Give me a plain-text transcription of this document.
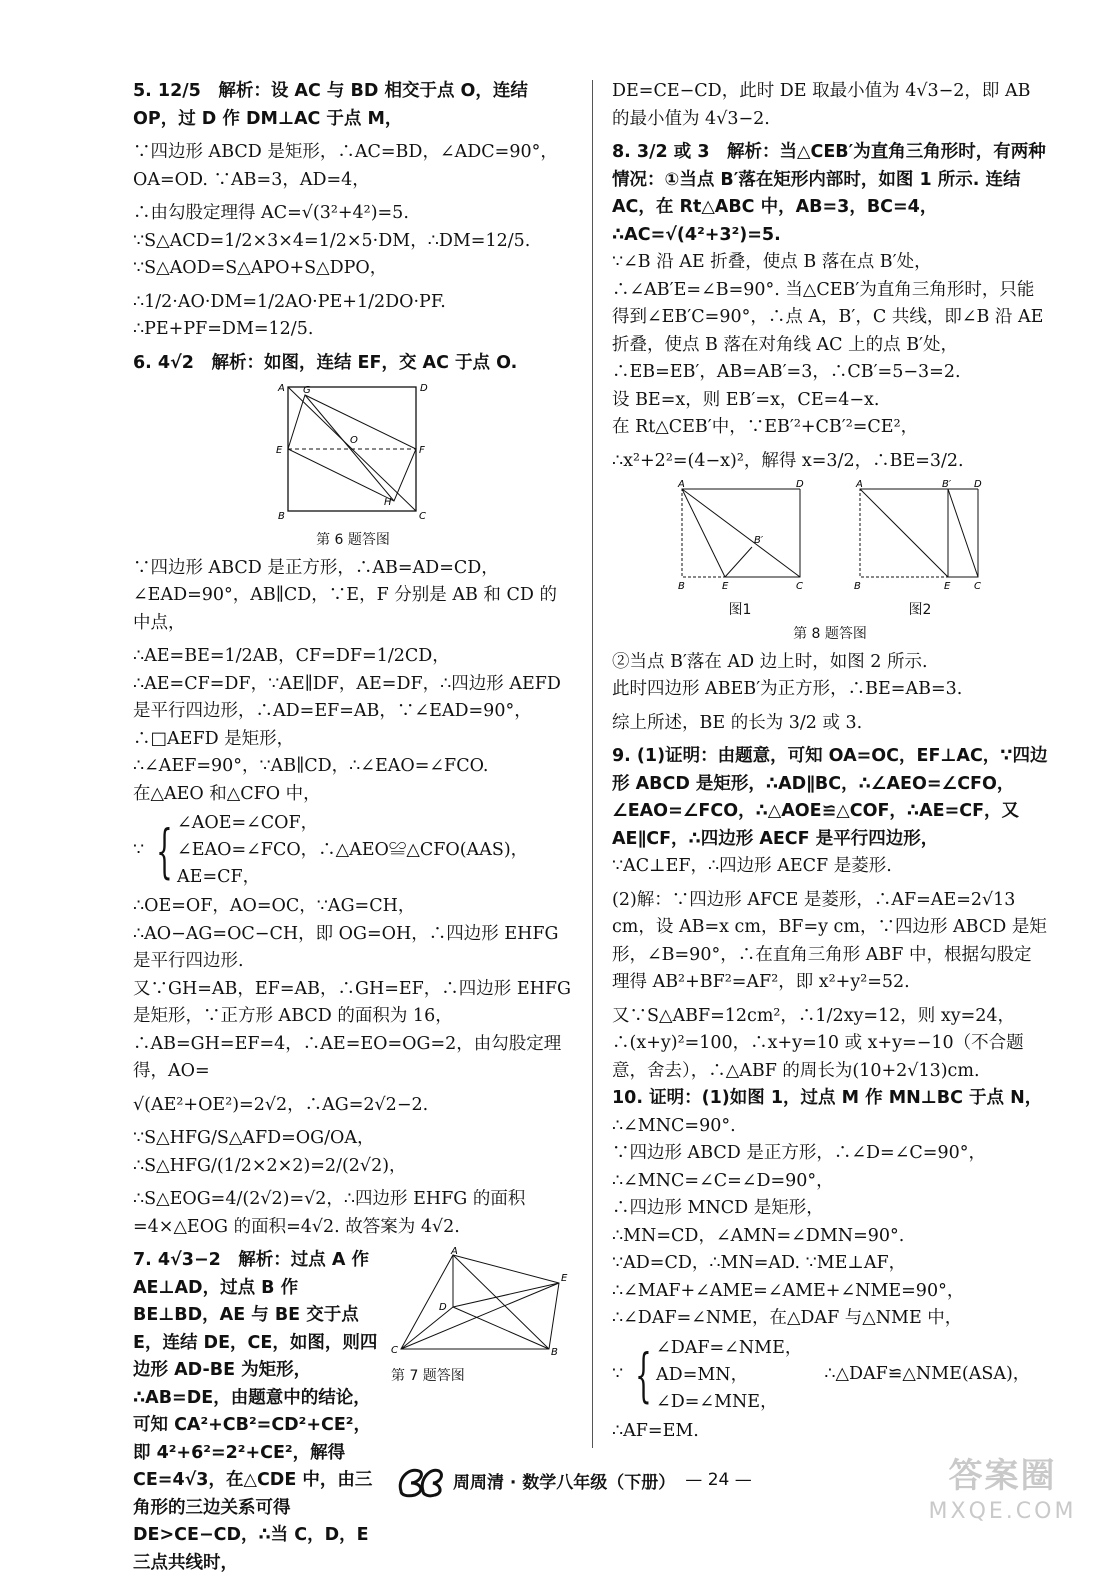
5. 12/5　解析：设 AC 与 BD 相交于点 O，连结 OP，过 D 作 DM⊥AC 于点 M，

∵四边形 ABCD 是矩形，∴AC=BD，∠ADC=90°，OA=OD. ∵AB=3，AD=4，

∴由勾股定理得 AC=√(3²+4²)=5. ∵S△ACD=1/2×3×4=1/2×5·DM，∴DM=12/5. ∵S△AOD=S△APO+S△DPO，

∴1/2·AO·DM=1/2AO·PE+1/2DO·PF. ∴PE+PF=DM=12/5.

6. 4√2　解析：如图，连结 EF，交 AC 于点 O.

A G	D
E
O
F
B
H
C
第 6 题答图

∵四边形 ABCD 是正方形，∴AB=AD=CD，∠EAD=90°，AB∥CD，∵E，F 分别是 AB 和 CD 的中点，

∴AE=BE=1/2AB，CF=DF=1/2CD，∴AE=CF=DF，∵AE∥DF，AE=DF，∴四边形 AEFD 是平行四边形，∴AD=EF=AB，∵∠EAD=90°，∴□AEFD 是矩形，

∴∠AEF=90°，∵AB∥CD，∴∠EAO=∠FCO.

在△AEO 和△CFO 中，

∵ { ∠AOE=∠COF，

∠EAO=∠FCO，∴△AEO≌△CFO(AAS)，

AE=CF，

∴OE=OF，AO=OC，∵AG=CH，∴AO−AG=OC−CH，即 OG=OH，∴四边形 EHFG 是平行四边形.

又∵GH=AB，EF=AB，∴GH=EF，∴四边形 EHFG 是矩形，∵正方形 ABCD 的面积为 16，∴AB=GH=EF=4，∴AE=EO=OG=2，由勾股定理得，AO=

√(AE²+OE²)=2√2，∴AG=2√2−2.

∵S△HFG/S△AFD=OG/OA，∴S△HFG/(1/2×2×2)=2/(2√2)，

∴S△EOG=4/(2√2)=√2，∴四边形 EHFG 的面积=4×△EOG 的面积=4√2. 故答案为 4√2.

A
E
D
C	B
第 7 题答图

7. 4√3−2　解析：过点 A 作 AE⊥AD，过点 B 作 BE⊥BD，AE 与 BE 交于点 E，连结 DE，CE，如图，则四边形 AD-BE 为矩形，∴AB=DE，由题意中的结论，可知 CA²+CB²=CD²+CE²，即 4²+6²=2²+CE²，解得 CE=4√3，在△CDE 中，由三角形的三边关系可得 DE>CE−CD，∴当 C，D，E 三点共线时，

DE=CE−CD，此时 DE 取最小值为 4√3−2，即 AB 的最小值为 4√3−2.

8. 3/2 或 3　解析：当△CEB′为直角三角形时，有两种情况：①当点 B′落在矩形内部时，如图 1 所示. 连结 AC，在 Rt△ABC 中，AB=3，BC=4，∴AC=√(4²+3²)=5.

∵∠B 沿 AE 折叠，使点 B 落在点 B′处，∴∠AB′E=∠B=90°. 当△CEB′为直角三角形时，只能得到∠EB′C=90°，∴点 A，B′，C 共线，即∠B 沿 AE 折叠，使点 B 落在对角线 AC 上的点 B′处，∴EB=EB′，AB=AB′=3，∴CB′=5−3=2.

设 BE=x，则 EB′=x，CE=4−x.

在 Rt△CEB′中，∵EB′²+CB′²=CE²，

∴x²+2²=(4−x)²，解得 x=3/2，∴BE=3/2.

A	D
B′
B	E	C
图1
A	B′ D
B	E C
图2
第 8 题答图

②当点 B′落在 AD 边上时，如图 2 所示.

此时四边形 ABEB′为正方形，∴BE=AB=3.

综上所述，BE 的长为 3/2 或 3.

9. (1)证明：由题意，可知 OA=OC，EF⊥AC，∵四边形 ABCD 是矩形，∴AD∥BC，∴∠AEO=∠CFO，∠EAO=∠FCO，∴△AOE≌△COF，∴AE=CF，又 AE∥CF，∴四边形 AECF 是平行四边形，

∵AC⊥EF，∴四边形 AECF 是菱形.

(2)解：∵四边形 AFCE 是菱形，∴AF=AE=2√13 cm，设 AB=x cm，BF=y cm，∵四边形 ABCD 是矩形，∠B=90°，∴在直角三角形 ABF 中，根据勾股定理得 AB²+BF²=AF²，即 x²+y²=52.

又∵S△ABF=12cm²，∴1/2xy=12，则 xy=24，∴(x+y)²=100，∴x+y=10 或 x+y=−10（不合题意，舍去），∴△ABF 的周长为(10+2√13)cm.

10. 证明：(1)如图 1，过点 M 作 MN⊥BC 于点 N，

∴∠MNC=90°.

∵四边形 ABCD 是正方形，∴∠D=∠C=90°，

∴∠MNC=∠C=∠D=90°，

∴四边形 MNCD 是矩形，

∴MN=CD，∠AMN=∠DMN=90°.

∵AD=CD，∴MN=AD. ∵ME⊥AF，

∴∠MAF+∠AME=∠AME+∠NME=90°，

∴∠DAF=∠NME，在△DAF 与△NME 中，

∵ { ∠DAF=∠NME，

AD=MN，

∠D=∠MNE，

∴△DAF≌△NME(ASA)，

∴AF=EM.

周周清 · 数学八年级（下册） — 24 —	答案圈
MXQE.COM
